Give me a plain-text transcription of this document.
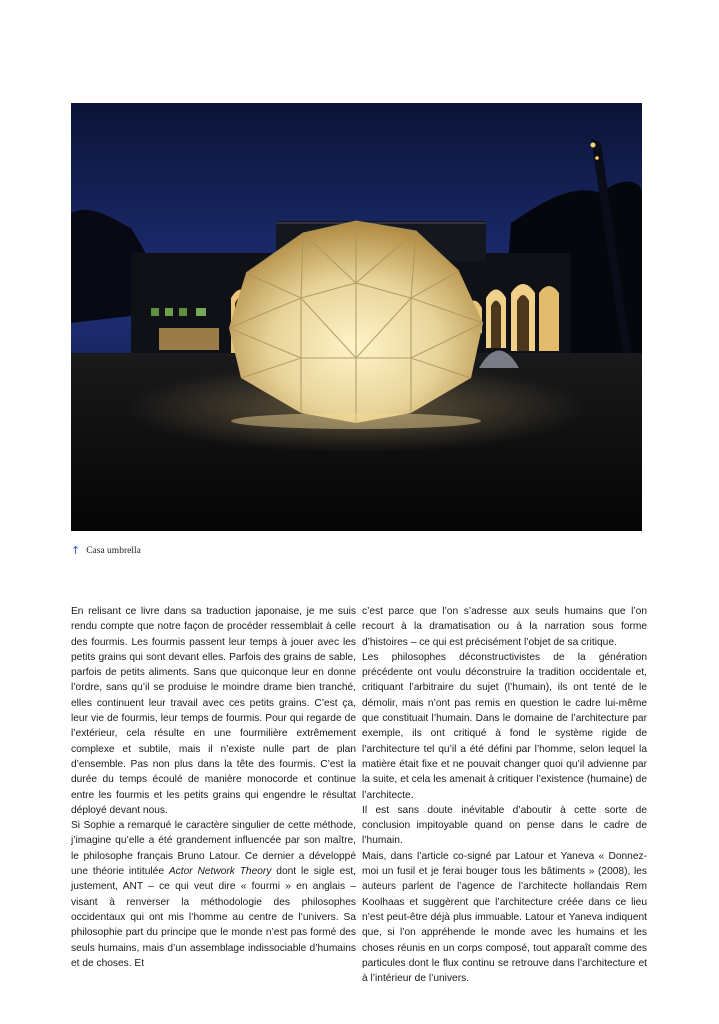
↑ Casa umbrella

En relisant ce livre dans sa traduction japonaise, je me suis rendu compte que notre façon de procéder ressemblait à celle des fourmis. Les fourmis passent leur temps à jouer avec les petits grains qui sont devant elles. Parfois des grains de sable, parfois de petits aliments. Sans que quiconque leur en donne l’ordre, sans qu’il se produise le moindre drame bien tranché, elles continuent leur travail avec ces petits grains. C’est ça, leur vie de fourmis, leur temps de fourmis. Pour qui regarde de l’extérieur, cela résulte en une fourmilière extrêmement complexe et subtile, mais il n’existe nulle part de plan d’ensemble. Pas non plus dans la tête des fourmis. C’est la durée du temps écoulé de manière monocorde et continue entre les fourmis et les petits grains qui engendre le résultat déployé devant nous.

Si Sophie a remarqué le caractère singulier de cette méthode, j’imagine qu’elle a été grandement influencée par son maître, le philosophe français Bruno Latour. Ce dernier a développé une théorie intitulée Actor Network Theory dont le sigle est, justement, ANT – ce qui veut dire « fourmi » en anglais – visant à renverser la méthodologie des philosophes occidentaux qui ont mis l’homme au centre de l’univers. Sa philosophie part du principe que le monde n’est pas formé des seuls humains, mais d’un assemblage indissociable d’humains et de choses. Et

c’est parce que l’on s’adresse aux seuls humains que l’on recourt à la dramatisation ou à la narration sous forme d’histoires – ce qui est précisément l’objet de sa critique.

Les philosophes déconstructivistes de la génération précédente ont voulu déconstruire la tradition occidentale et, critiquant l’arbitraire du sujet (l’humain), ils ont tenté de le démolir, mais n’ont pas remis en question le cadre lui-même que constituait l’humain. Dans le domaine de l’architecture par exemple, ils ont critiqué à fond le système rigide de l’architecture tel qu’il a été défini par l’homme, selon lequel la matière était fixe et ne pouvait changer quoi qu’il advienne par la suite, et cela les amenait à critiquer l’existence (humaine) de l’architecte.

Il est sans doute inévitable d’aboutir à cette sorte de conclusion impitoyable quand on pense dans le cadre de l’humain.

Mais, dans l’article co-signé par Latour et Yaneva « Donnez-moi un fusil et je ferai bouger tous les bâtiments » (2008), les auteurs parlent de l’agence de l’architecte hollandais Rem Koolhaas et suggèrent que l’architecture créée dans ce lieu n’est peut-être déjà plus immuable. Latour et Yaneva indiquent que, si l’on appréhende le monde avec les humains et les choses réunis en un corps composé, tout apparaît comme des particules dont le flux continu se retrouve dans l’architecture et à l’intérieur de l’univers.
